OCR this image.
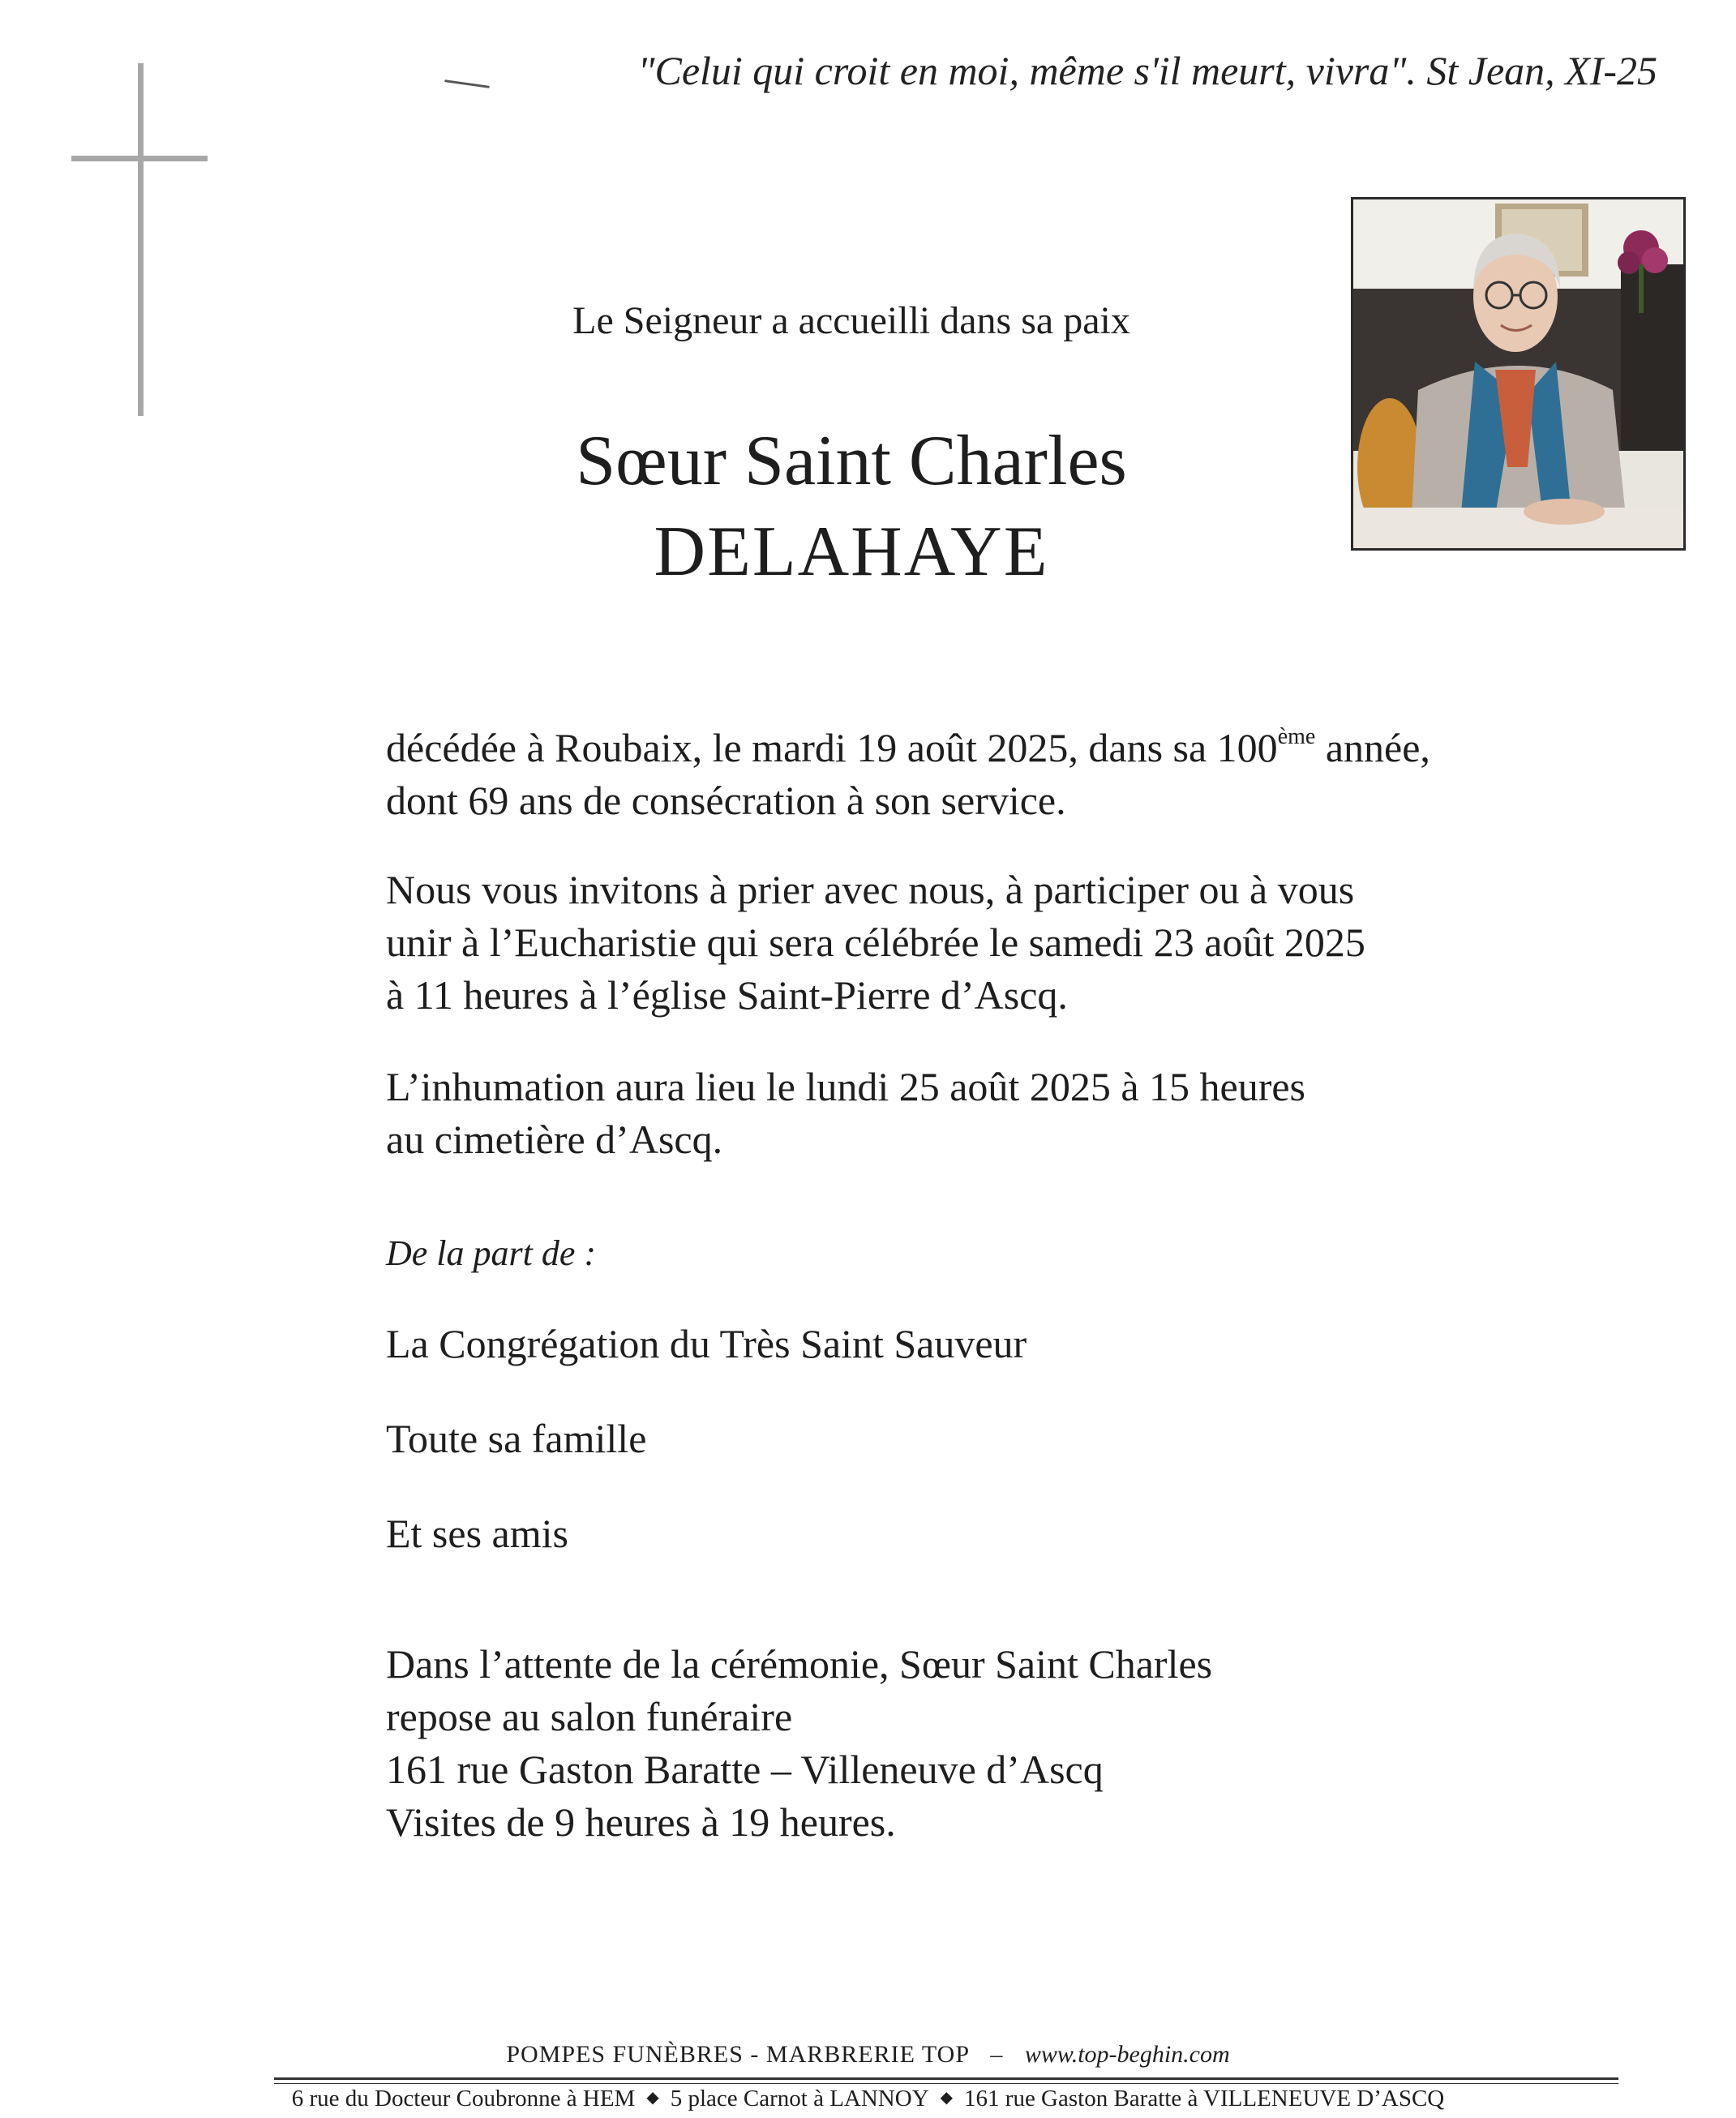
"Celui qui croit en moi, même s'il meurt, vivra". St Jean, XI-25
Le Seigneur a accueilli dans sa paix
Sœur Saint Charles
DELAHAYE

décédée à Roubaix, le mardi 19 août 2025, dans sa 100ème année,

dont 69 ans de consécration à son service.

Nous vous invitons à prier avec nous, à participer ou à vous

unir à l’Eucharistie qui sera célébrée le samedi 23 août 2025

à 11 heures à l’église Saint-Pierre d’Ascq.

L’inhumation aura lieu le lundi 25 août 2025 à 15 heures

au cimetière d’Ascq.

De la part de :
La Congrégation du Très Saint Sauveur
Toute sa famille
Et ses amis

Dans l’attente de la cérémonie, Sœur Saint Charles

repose au salon funéraire

161 rue Gaston Baratte – Villeneuve d’Ascq

Visites de 9 heures à 19 heures.

POMPES FUNÈBRES - MARBRERIE TOP – www.top-beghin.com
6 rue du Docteur Coubronne à HEM ◆ 5 place Carnot à LANNOY ◆ 161 rue Gaston Baratte à VILLENEUVE D’ASCQ
